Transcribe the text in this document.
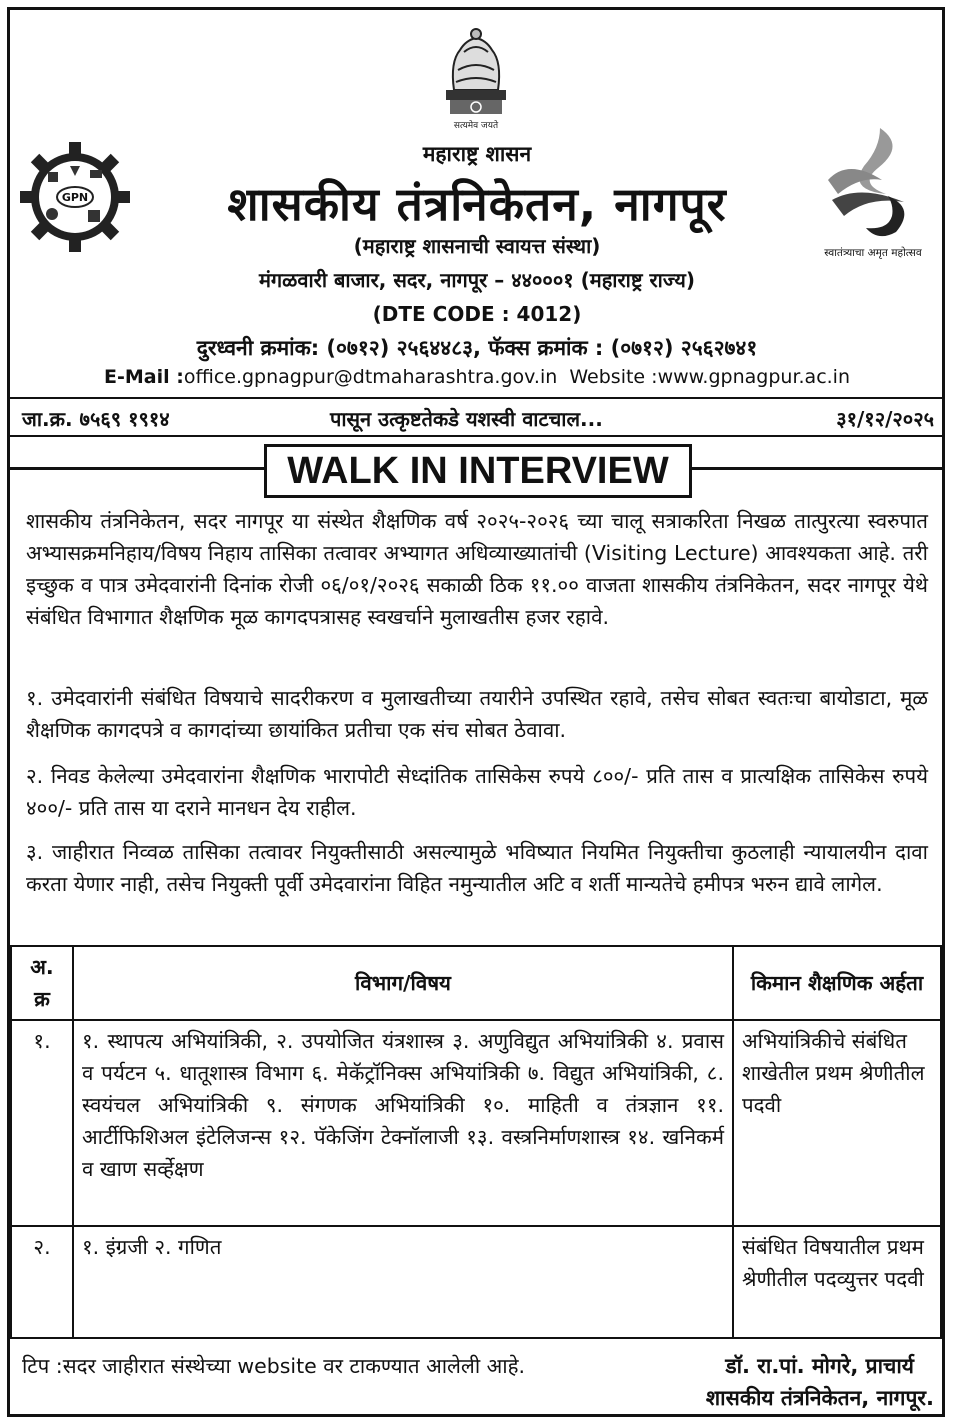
सत्यमेव जयते
GPN
स्वातंत्र्याचा अमृत महोत्सव
महाराष्ट्र शासन
शासकीय तंत्रनिकेतन, नागपूर
(महाराष्ट्र शासनाची स्वायत्त संस्था)
मंगळवारी बाजार, सदर, नागपूर – ४४०००१ (महाराष्ट्र राज्य)
(DTE CODE : 4012)
दुरध्वनी क्रमांक: (०७१२) २५६४४८३, फॅक्स क्रमांक : (०७१२) २५६२७४१
E-Mail :office.gpnagpur@dtmaharashtra.gov.in Website :www.gpnagpur.ac.in
जा.क्र. ७५६९ १९१४	पासून उत्कृष्टतेकडे यशस्वी वाटचाल...	३१/१२/२०२५
WALK IN INTERVIEW
शासकीय तंत्रनिकेतन, सदर नागपूर या संस्थेत शैक्षणिक वर्ष २०२५-२०२६ च्या चालू सत्राकरिता निखळ तात्पुरत्या स्वरुपात अभ्यासक्रमनिहाय/विषय निहाय तासिका तत्वावर अभ्यागत अधिव्याख्यातांची (Visiting Lecture) आवश्यकता आहे. तरी इच्छुक व पात्र उमेदवारांनी दिनांक रोजी ०६/०१/२०२६ सकाळी ठिक ११.०० वाजता शासकीय तंत्रनिकेतन, सदर नागपूर येथे संबंधित विभागात शैक्षणिक मूळ कागदपत्रासह स्वखर्चाने मुलाखतीस हजर रहावे.
१. उमेदवारांनी संबंधित विषयाचे सादरीकरण व मुलाखतीच्या तयारीने उपस्थित रहावे, तसेच सोबत स्वतःचा बायोडाटा, मूळ शैक्षणिक कागदपत्रे व कागदांच्या छायांकित प्रतीचा एक संच सोबत ठेवावा.
२. निवड केलेल्या उमेदवारांना शैक्षणिक भारापोटी सेध्दांतिक तासिकेस रुपये ८००/- प्रति तास व प्रात्यक्षिक तासिकेस रुपये ४००/- प्रति तास या दराने मानधन देय राहील.
३. जाहीरात निव्वळ तासिका तत्वावर नियुक्तीसाठी असल्यामुळे भविष्यात नियमित नियुक्तीचा कुठलाही न्यायालयीन दावा करता येणार नाही, तसेच नियुक्ती पूर्वी उमेदवारांना विहित नमुन्यातील अटि व शर्ती मान्यतेचे हमीपत्र भरुन द्यावे लागेल.
अ. क्र	विभाग/विषय	किमान शैक्षणिक अर्हता
१.	१. स्थापत्य अभियांत्रिकी, २. उपयोजित यंत्रशास्त्र ३. अणुविद्युत अभियांत्रिकी ४. प्रवास व पर्यटन ५. धातूशास्त्र विभाग ६. मेकॅट्रॉनिक्स अभियांत्रिकी ७. विद्युत अभियांत्रिकी, ८. स्वयंचल अभियांत्रिकी ९. संगणक अभियांत्रिकी १०. माहिती व तंत्रज्ञान ११. आर्टीफिशिअल इंटेलिजन्स १२. पॅकेजिंग टेक्नॉलाजी १३. वस्त्रनिर्माणशास्त्र १४. खनिकर्म व खाण सर्व्हेक्षण	अभियांत्रिकीचे संबंधित शाखेतील प्रथम श्रेणीतील पदवी
२.	१. इंग्रजी २. गणित	संबंधित विषयातील प्रथम श्रेणीतील पदव्युत्तर पदवी
टिप :सदर जाहीरात संस्थेच्या website वर टाकण्यात आलेली आहे.	डॉ. रा.पां. मोगरे, प्राचार्य
शासकीय तंत्रनिकेतन, नागपूर.
